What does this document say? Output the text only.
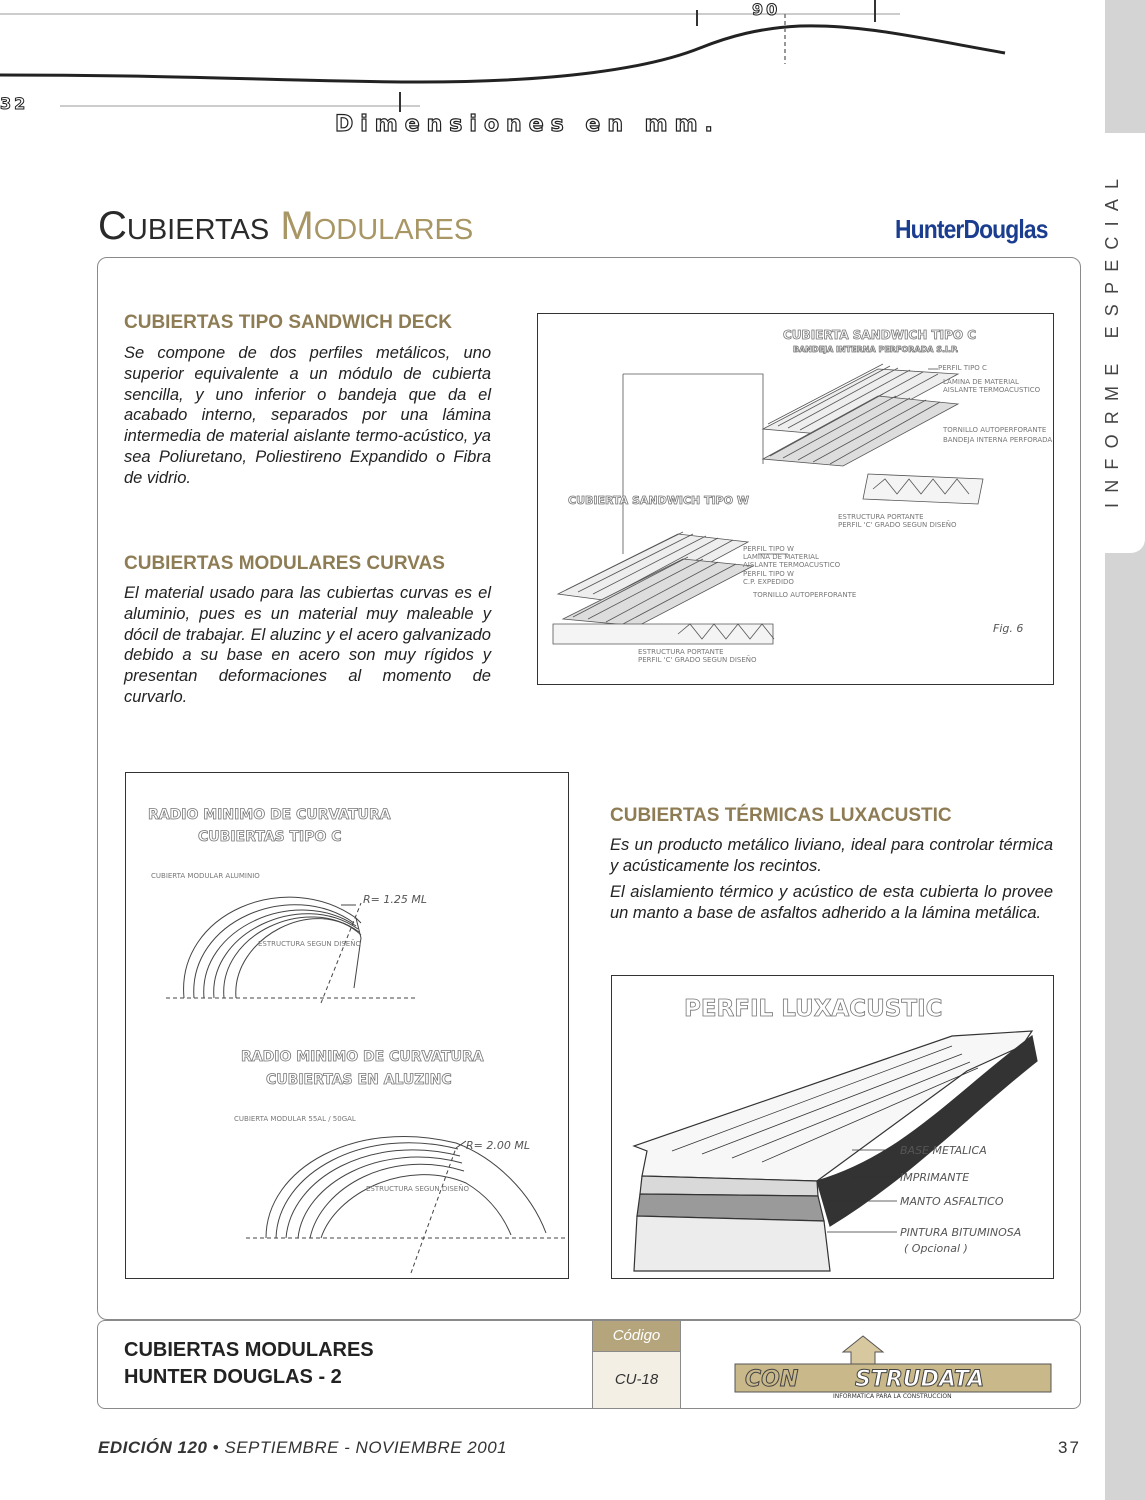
90
32
Dimensiones en mm.
INFORME ESPECIAL
CUBIERTAS MODULARES	HunterDouglas
CUBIERTAS TIPO SANDWICH DECK

Se compone de dos perfiles metálicos, uno superior equivalente a un módulo de cubierta sencilla, y uno inferior o bandeja que da el acabado interno, separados por una lámina intermedia de material aislante termo-acústico, ya sea Poliuretano, Poliestireno Expandido o Fibra de vidrio.

CUBIERTAS MODULARES CURVAS

El material usado para las cubiertas curvas es el aluminio, pues es un material muy maleable y dócil de trabajar. El aluzinc y el acero galvanizado debido a su base en acero son muy rígidos y presentan deformaciones al momento de curvarlo.

CUBIERTAS TÉRMICAS LUXACUSTIC

Es un producto metálico liviano, ideal para controlar térmica y acústicamente los recintos.

El aislamiento térmico y acústico de esta cubierta lo provee un manto a base de asfaltos adherido a la lámina metálica.

CUBIERTA SANDWICH TIPO C
BANDEJA INTERNA PERFORADA S.I.P.
PERFIL TIPO C
LAMINA DE MATERIAL
AISLANTE TERMOACUSTICO
TORNILLO AUTOPERFORANTE
BANDEJA INTERNA PERFORADA
ESTRUCTURA PORTANTE
PERFIL 'C' GRADO SEGUN DISEÑO
CUBIERTA SANDWICH TIPO W
PERFIL TIPO W
LAMINA DE MATERIAL
AISLANTE TERMOACUSTICO
PERFIL TIPO W
C.P. EXPEDIDO
TORNILLO AUTOPERFORANTE
ESTRUCTURA PORTANTE
PERFIL 'C' GRADO SEGUN DISEÑO
Fig. 6
RADIO MINIMO DE CURVATURA
CUBIERTAS TIPO C
CUBIERTA MODULAR ALUMINIO
R= 1.25 ML
ESTRUCTURA SEGUN DISEÑO
RADIO MINIMO DE CURVATURA
CUBIERTAS EN ALUZINC
CUBIERTA MODULAR 55AL / 50GAL
R= 2.00 ML
ESTRUCTURA SEGUN DISEÑO
PERFIL LUXACUSTIC
BASE METALICA
IMPRIMANTE
MANTO ASFALTICO
PINTURA BITUMINOSA
( Opcional )
CUBIERTAS MODULARES
HUNTER DOUGLAS - 2
Código
CU-18	CON	STRUDATA
INFORMATICA PARA LA CONSTRUCCION
EDICIÓN 120 • SEPTIEMBRE - NOVIEMBRE 2001	37
